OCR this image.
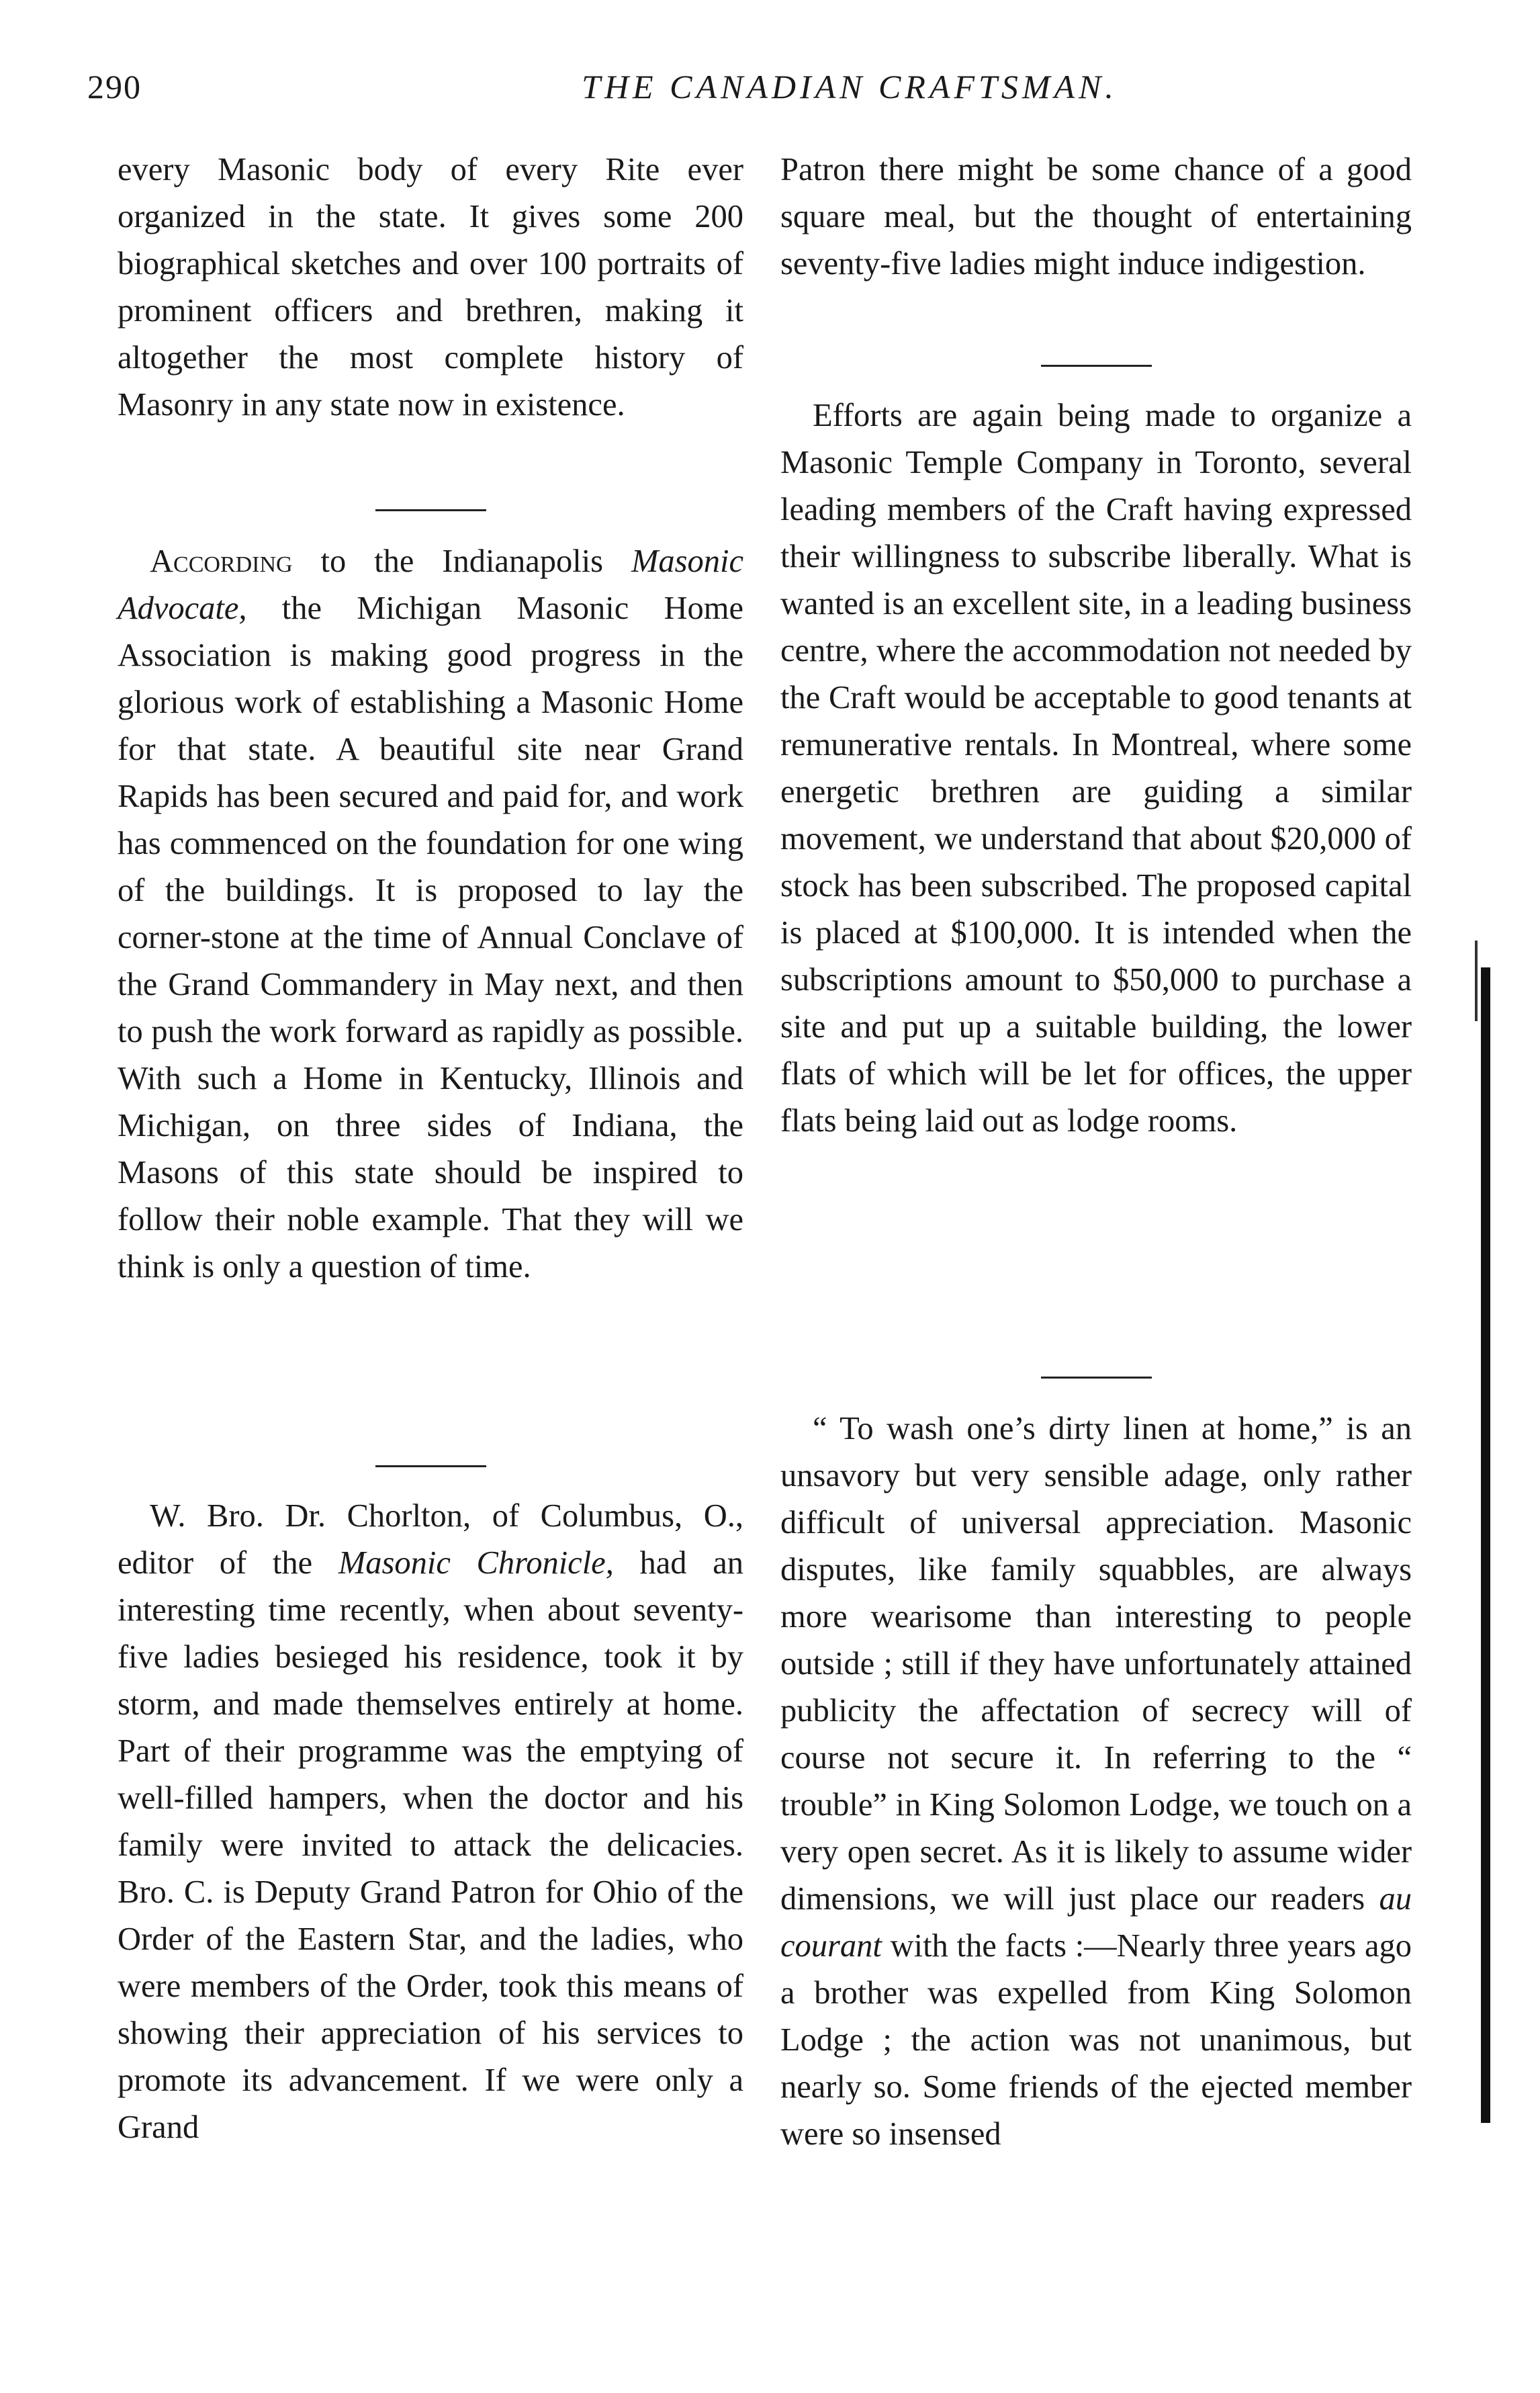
290	THE CANADIAN CRAFTSMAN.

every Masonic body of every Rite ever organized in the state. It gives some 200 biographical sketches and over 100 portraits of prominent officers and brethren, making it altogether the most complete history of Masonry in any state now in existence.

According to the Indianapolis Masonic Advocate, the Michigan Masonic Home Association is making good progress in the glorious work of establishing a Masonic Home for that state. A beautiful site near Grand Rapids has been secured and paid for, and work has commenced on the foundation for one wing of the buildings. It is proposed to lay the corner-stone at the time of Annual Conclave of the Grand Commandery in May next, and then to push the work forward as rapidly as possible. With such a Home in Kentucky, Illinois and Michigan, on three sides of Indiana, the Masons of this state should be inspired to follow their noble example. That they will we think is only a question of time.

W. Bro. Dr. Chorlton, of Columbus, O., editor of the Masonic Chronicle, had an interesting time recently, when about seventy-five ladies besieged his residence, took it by storm, and made themselves entirely at home. Part of their programme was the emptying of well-filled hampers, when the doctor and his family were invited to attack the delicacies. Bro. C. is Deputy Grand Patron for Ohio of the Order of the Eastern Star, and the ladies, who were members of the Order, took this means of showing their appreciation of his services to promote its advancement. If we were only a Grand

Patron there might be some chance of a good square meal, but the thought of entertaining seventy-five ladies might induce indigestion.

Efforts are again being made to organize a Masonic Temple Company in Toronto, several leading members of the Craft having expressed their willingness to subscribe liberally. What is wanted is an excellent site, in a leading business centre, where the accommodation not needed by the Craft would be acceptable to good tenants at remunerative rentals. In Montreal, where some energetic brethren are guiding a similar movement, we understand that about $20,000 of stock has been subscribed. The proposed capital is placed at $100,000. It is intended when the subscriptions amount to $50,000 to purchase a site and put up a suitable building, the lower flats of which will be let for offices, the upper flats being laid out as lodge rooms.

“ To wash one’s dirty linen at home,” is an unsavory but very sensible adage, only rather difficult of universal appreciation. Masonic disputes, like family squabbles, are always more wearisome than interesting to people outside ; still if they have unfortunately attained publicity the affectation of secrecy will of course not secure it. In referring to the “ trouble” in King Solomon Lodge, we touch on a very open secret. As it is likely to assume wider dimensions, we will just place our readers au courant with the facts :—Nearly three years ago a brother was expelled from King Solomon Lodge ; the action was not unanimous, but nearly so. Some friends of the ejected member were so insensed
